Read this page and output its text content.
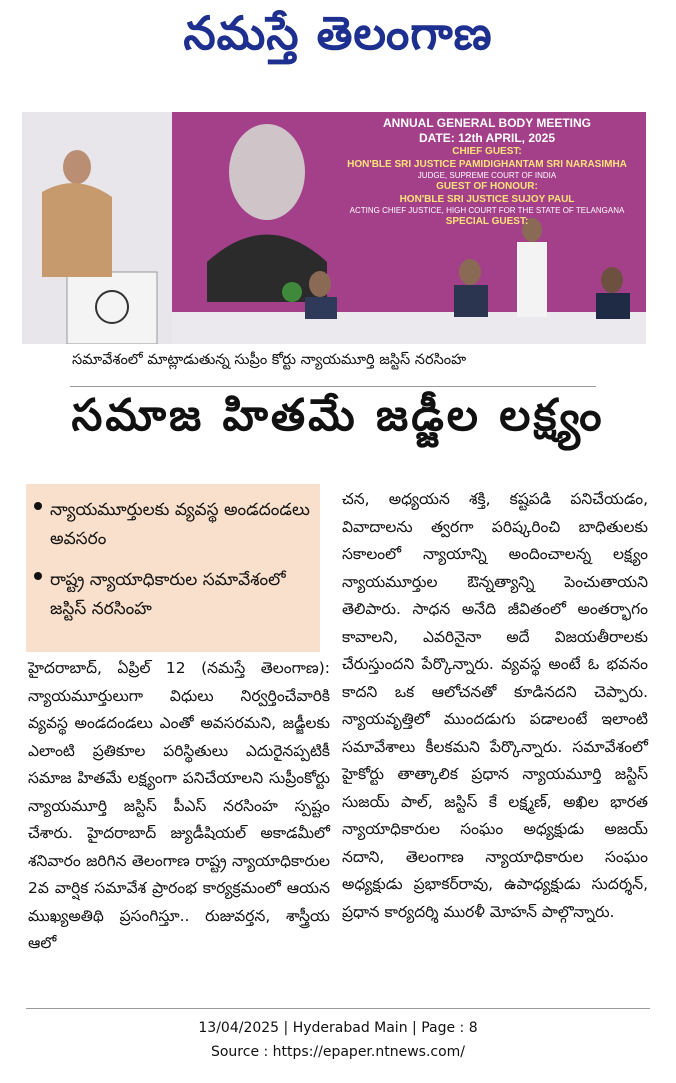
నమస్తే తెలంగాణ
ANNUAL GENERAL BODY MEETING
DATE: 12th APRIL, 2025
CHIEF GUEST:
HON'BLE SRI JUSTICE PAMIDIGHANTAM SRI NARASIMHA
JUDGE, SUPREME COURT OF INDIA
GUEST OF HONOUR:
HON'BLE SRI JUSTICE SUJOY PAUL
ACTING CHIEF JUSTICE, HIGH COURT FOR THE STATE OF TELANGANA
SPECIAL GUEST:
సమావేశంలో మాట్లాడుతున్న సుప్రీం కోర్టు న్యాయమూర్తి జస్టిస్ నరసింహ
సమాజ హితమే జడ్జీల లక్ష్యం
న్యాయమూర్తులకు వ్యవస్థ అండదండలు అవసరం
రాష్ట్ర న్యాయాధికారుల సమావేశంలో జస్టిస్ నరసింహ
హైదరాబాద్, ఏప్రిల్ 12 (నమస్తే తెలంగాణ): న్యాయమూర్తులుగా విధులు నిర్వర్తించేవారికి వ్యవస్థ అండదండలు ఎంతో అవసరమని, జడ్జీలకు ఎలాంటి ప్రతికూల పరిస్థితులు ఎదురైనప్పటికీ సమాజ హితమే లక్ష్యంగా పనిచేయాలని సుప్రీంకోర్టు న్యాయమూర్తి జస్టిస్ పీఎస్ నరసింహ స్పష్టం చేశారు. హైదరాబాద్ జ్యుడీషియల్ అకాడమీలో శనివారం జరిగిన తెలంగాణ రాష్ట్ర న్యాయాధికారుల 2వ వార్షిక సమావేశ ప్రారంభ కార్యక్రమంలో ఆయన ముఖ్యఅతిథి ప్రసంగిస్తూ.. రుజువర్తన, శాస్త్రీయ ఆలో
చన, అధ్యయన శక్తి, కష్టపడి పనిచేయడం, వివాదాలను త్వరగా పరిష్కరించి బాధితులకు సకాలంలో న్యాయాన్ని అందించాలన్న లక్ష్యం న్యాయమూర్తుల ఔన్నత్యాన్ని పెంచుతాయని తెలిపారు. సాధన అనేది జీవితంలో అంతర్భాగం కావాలని, ఎవరినైనా అదే విజయతీరాలకు చేరుస్తుందని పేర్కొన్నారు. వ్యవస్థ అంటే ఓ భవనం కాదని ఒక ఆలోచనతో కూడినదని చెప్పారు. న్యాయవృత్తిలో ముందడుగు పడాలంటే ఇలాంటి సమావేశాలు కీలకమని పేర్కొన్నారు. సమావేశంలో హైకోర్టు తాత్కాలిక ప్రధాన న్యాయమూర్తి జస్టిస్ సుజయ్ పాల్, జస్టిస్ కే లక్ష్మణ్, అఖిల భారత న్యాయాధికారుల సంఘం అధ్యక్షుడు అజయ్ నదాని, తెలంగాణ న్యాయాధికారుల సంఘం అధ్యక్షుడు ప్రభాకర్‌రావు, ఉపాధ్యక్షుడు సుదర్శన్, ప్రధాన కార్యదర్శి మురళీ మోహన్ పాల్గొన్నారు.
13/04/2025 | Hyderabad Main | Page : 8
Source : https://epaper.ntnews.com/
